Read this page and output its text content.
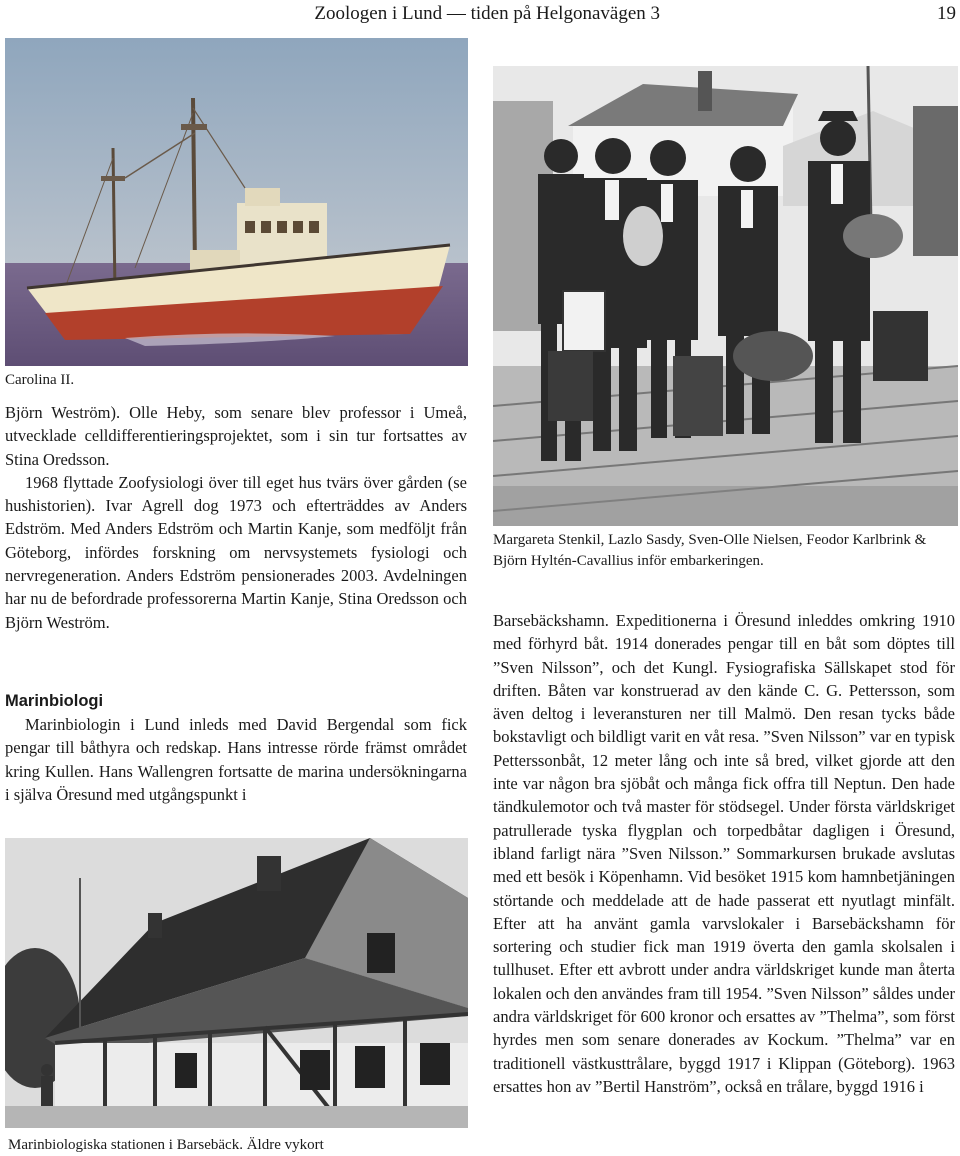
Zoologen i Lund — tiden på Helgonavägen 3	19
Carolina II.

Björn Weström). Olle Heby, som senare blev professor i Umeå, utvecklade celldifferentieringsprojektet, som i sin tur fortsattes av Stina Oredsson.

1968 flyttade Zoofysiologi över till eget hus tvärs över gården (se hushistorien). Ivar Agrell dog 1973 och efterträddes av Anders Edström. Med Anders Edström och Martin Kanje, som medföljt från Göteborg, infördes forskning om nervsystemets fysiologi och nervregeneration. Anders Edström pensionerades 2003. Avdelningen har nu de befordrade professorerna Martin Kanje, Stina Oredsson och Björn Weström.

Marinbiologi

Marinbiologin i Lund inleds med David Bergendal som fick pengar till båthyra och redskap. Hans intresse rörde främst området kring Kullen. Hans Wallengren fortsatte de marina undersökningarna i själva Öresund med utgångspunkt i

Marinbiologiska stationen i Barsebäck. Äldre vykort
Margareta Stenkil, Lazlo Sasdy, Sven-Olle Nielsen, Feodor Karlbrink & Björn Hyltén-Cavallius inför embarkeringen.

Barsebäckshamn. Expeditionerna i Öresund inleddes omkring 1910 med förhyrd båt. 1914 donerades pengar till en båt som döptes till ”Sven Nilsson”, och det Kungl. Fysiografiska Sällskapet stod för driften. Båten var konstruerad av den kände C. G. Pettersson, som även deltog i leveransturen ner till Malmö. Den resan tycks både bokstavligt och bildligt varit en våt resa. ”Sven Nilsson” var en typisk Petterssonbåt, 12 meter lång och inte så bred, vilket gjorde att den inte var någon bra sjöbåt och många fick offra till Neptun. Den hade tändkulemotor och två master för stödsegel. Under första världskriget patrullerade tyska flygplan och torpedbåtar dagligen i Öresund, ibland farligt nära ”Sven Nilsson.” Sommarkursen brukade avslutas med ett besök i Köpenhamn. Vid besöket 1915 kom hamnbetjäningen störtande och meddelade att de hade passerat ett nyutlagt minfält. Efter att ha använt gamla varvslokaler i Barsebäckshamn för sortering och studier fick man 1919 överta den gamla skolsalen i tullhuset. Efter ett avbrott under andra världskriget kunde man återta lokalen och den användes fram till 1954. ”Sven Nilsson” såldes under andra världskriget för 600 kronor och ersattes av ”Thelma”, som först hyrdes men som senare donerades av Kockum. ”Thelma” var en traditionell västkusttrålare, byggd 1917 i Klippan (Göteborg). 1963 ersattes hon av ”Bertil Hanström”, också en trålare, byggd 1916 i
